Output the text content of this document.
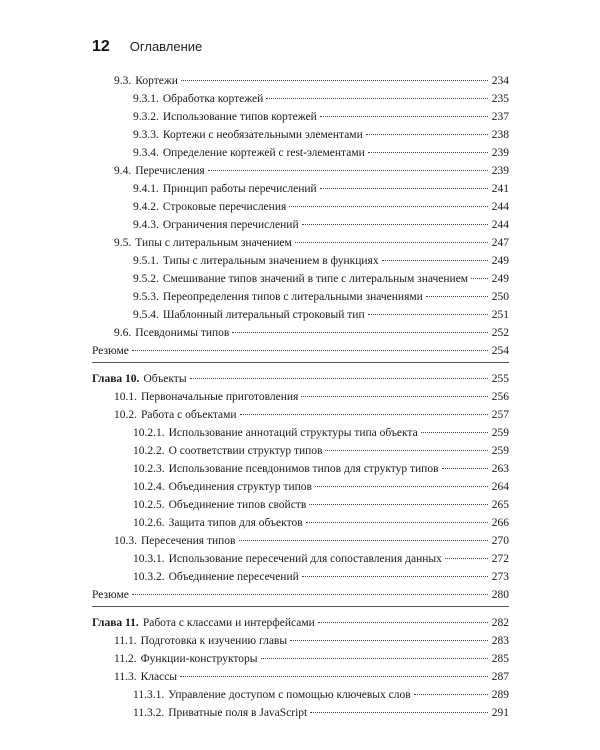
12 Оглавление
9.3. Кортежи	234
9.3.1. Обработка кортежей	235
9.3.2. Использование типов кортежей	237
9.3.3. Кортежи с необязательными элементами	238
9.3.4. Определение кортежей с rest-элементами	239
9.4. Перечисления	239
9.4.1. Принцип работы перечислений	241
9.4.2. Строковые перечисления	244
9.4.3. Ограничения перечислений	244
9.5. Типы с литеральным значением	247
9.5.1. Типы с литеральным значением в функциях	249
9.5.2. Смешивание типов значений в типе с литеральным значением 249
9.5.3. Переопределения типов с литеральными значениями	250
9.5.4. Шаблонный литеральный строковый тип	251
9.6. Псевдонимы типов	252
Резюме	254
Глава 10. Объекты	255
10.1. Первоначальные приготовления	256
10.2. Работа с объектами	257
10.2.1. Использование аннотаций структуры типа объекта	259
10.2.2. О соответствии структур типов	259
10.2.3. Использование псевдонимов типов для структур типов	263
10.2.4. Объединения структур типов	264
10.2.5. Объединение типов свойств	265
10.2.6. Защита типов для объектов	266
10.3. Пересечения типов	270
10.3.1. Использование пересечений для сопоставления данных	272
10.3.2. Объединение пересечений	273
Резюме	280
Глава 11. Работа с классами и интерфейсами	282
11.1. Подготовка к изучению главы	283
11.2. Функции-конструкторы	285
11.3. Классы	287
11.3.1. Управление доступом с помощью ключевых слов	289
11.3.2. Приватные поля в JavaScript	291
